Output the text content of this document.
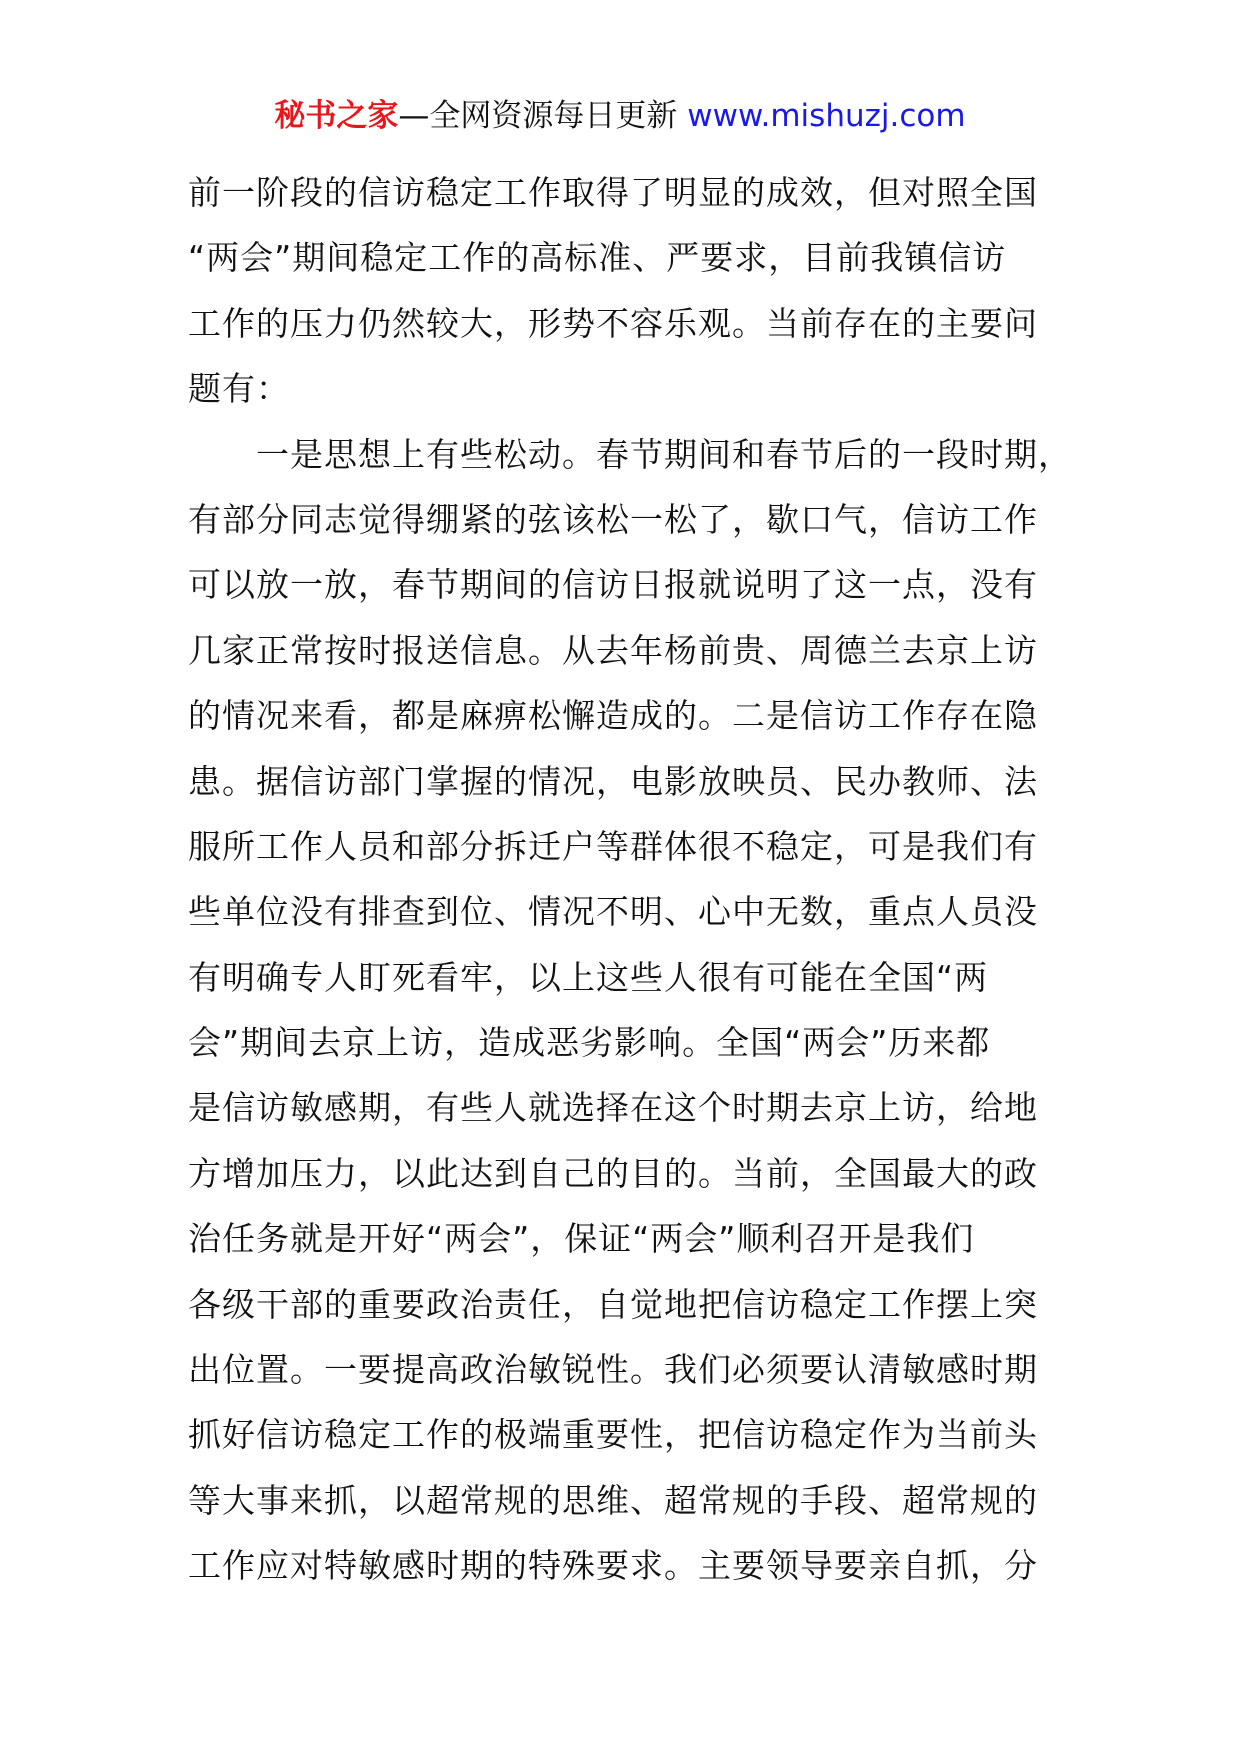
秘书之家—全网资源每日更新 www.mishuzj.com
前一阶段的信访稳定工作取得了明显的成效，但对照全国
“两会”期间稳定工作的高标准、严要求，目前我镇信访
工作的压力仍然较大，形势不容乐观。当前存在的主要问
题有：
　　一是思想上有些松动。春节期间和春节后的一段时期，
有部分同志觉得绷紧的弦该松一松了，歇口气，信访工作
可以放一放，春节期间的信访日报就说明了这一点，没有
几家正常按时报送信息。从去年杨前贵、周德兰去京上访
的情况来看，都是麻痹松懈造成的。二是信访工作存在隐
患。据信访部门掌握的情况，电影放映员、民办教师、法
服所工作人员和部分拆迁户等群体很不稳定，可是我们有
些单位没有排查到位、情况不明、心中无数，重点人员没
有明确专人盯死看牢，以上这些人很有可能在全国“两
会”期间去京上访，造成恶劣影响。全国“两会”历来都
是信访敏感期，有些人就选择在这个时期去京上访，给地
方增加压力，以此达到自己的目的。当前，全国最大的政
治任务就是开好“两会”，保证“两会”顺利召开是我们
各级干部的重要政治责任，自觉地把信访稳定工作摆上突
出位置。一要提高政治敏锐性。我们必须要认清敏感时期
抓好信访稳定工作的极端重要性，把信访稳定作为当前头
等大事来抓，以超常规的思维、超常规的手段、超常规的
工作应对特敏感时期的特殊要求。主要领导要亲自抓，分
